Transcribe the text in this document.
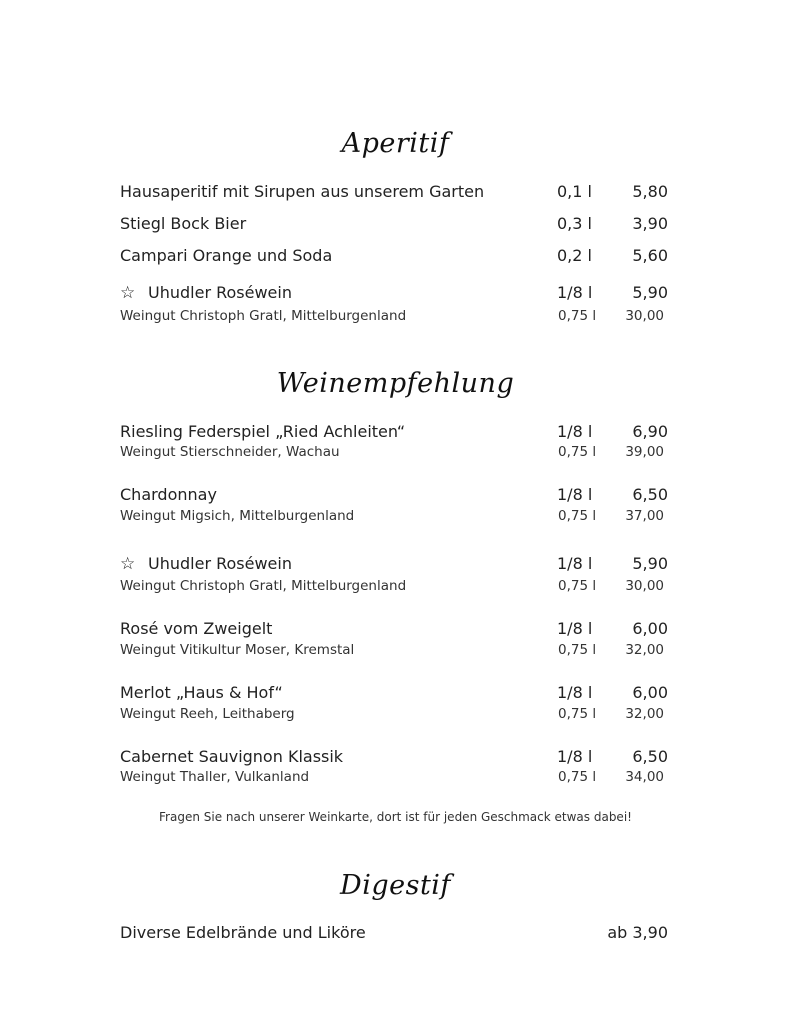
Aperitif
Hausaperitif mit Sirupen aus unserem Garten	0,1 l	5,80
Stiegl Bock Bier	0,3 l	3,90
Campari Orange und Soda	0,2 l	5,60
☆ Uhudler Roséwein	1/8 l	5,90
Weingut Christoph Gratl, Mittelburgenland	0,75 l 30,00
Weinempfehlung
Riesling Federspiel „Ried Achleiten“	1/8 l	6,90
Weingut Stierschneider, Wachau	0,75 l 39,00
Chardonnay	1/8 l	6,50
Weingut Migsich, Mittelburgenland	0,75 l 37,00
☆ Uhudler Roséwein	1/8 l	5,90
Weingut Christoph Gratl, Mittelburgenland	0,75 l 30,00
Rosé vom Zweigelt	1/8 l	6,00
Weingut Vitikultur Moser, Kremstal	0,75 l 32,00
Merlot „Haus & Hof“	1/8 l	6,00
Weingut Reeh, Leithaberg	0,75 l 32,00
Cabernet Sauvignon Klassik	1/8 l	6,50
Weingut Thaller, Vulkanland	0,75 l 34,00
Fragen Sie nach unserer Weinkarte, dort ist für jeden Geschmack etwas dabei!
Digestif
Diverse Edelbrände und Liköre	ab 3,90
